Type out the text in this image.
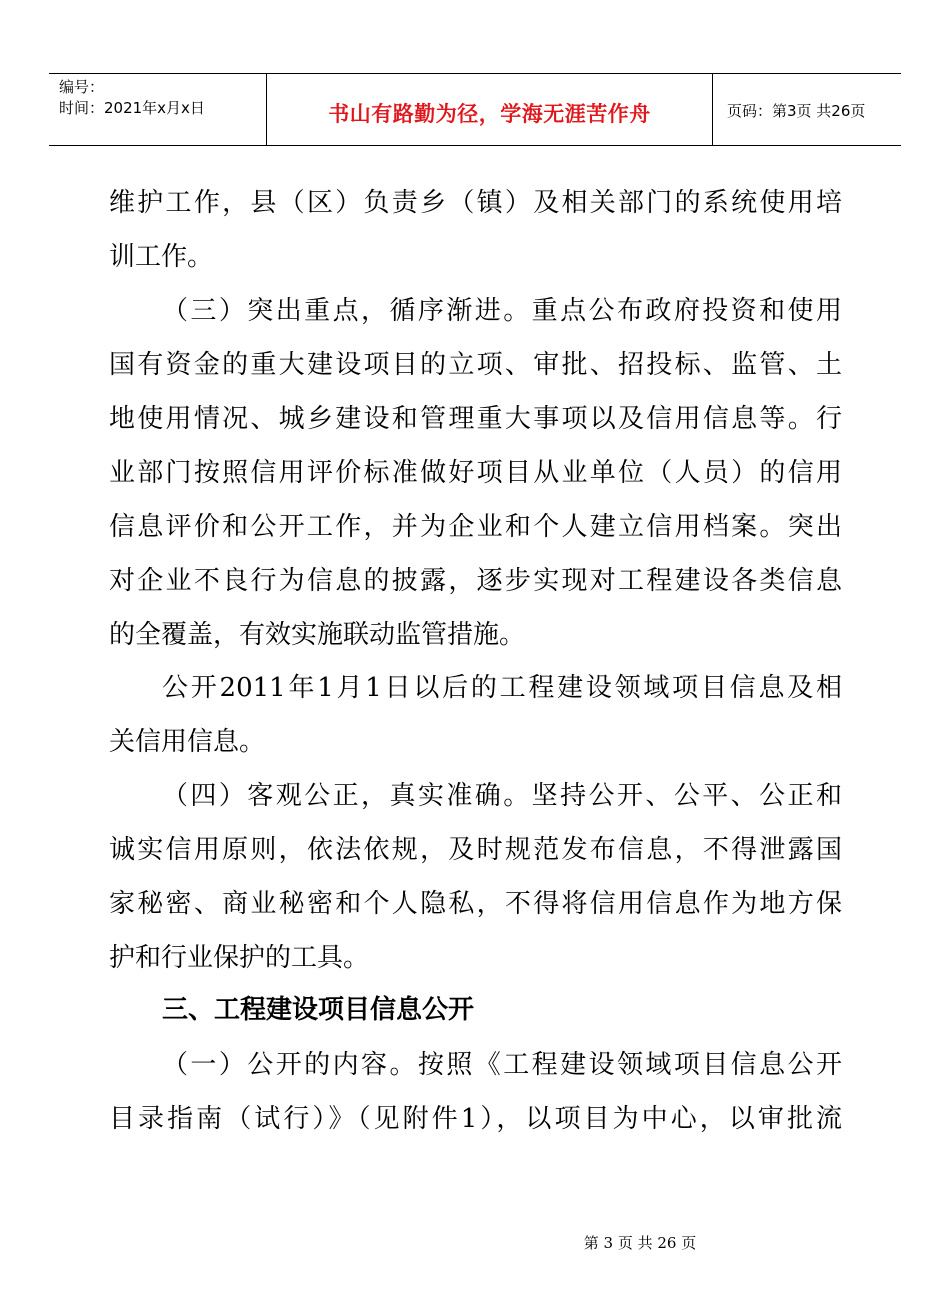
编号：
时间：2021年x月x日	书山有路勤为径，学海无涯苦作舟	页码：第3页 共26页
维护工作，县（区）负责乡（镇）及相关部门的系统使用培
训工作。
（三）突出重点，循序渐进。重点公布政府投资和使用
国有资金的重大建设项目的立项、审批、招投标、监管、土
地使用情况、城乡建设和管理重大事项以及信用信息等。行
业部门按照信用评价标准做好项目从业单位（人员）的信用
信息评价和公开工作，并为企业和个人建立信用档案。突出
对企业不良行为信息的披露，逐步实现对工程建设各类信息
的全覆盖，有效实施联动监管措施。
公开2011年1月1日以后的工程建设领域项目信息及相
关信用信息。
（四）客观公正，真实准确。坚持公开、公平、公正和
诚实信用原则，依法依规，及时规范发布信息，不得泄露国
家秘密、商业秘密和个人隐私，不得将信用信息作为地方保
护和行业保护的工具。
三、工程建设项目信息公开
（一）公开的内容。按照《工程建设领域项目信息公开
目录指南（试行）》（见附件1），以项目为中心，以审批流
第 3 页 共 26 页
